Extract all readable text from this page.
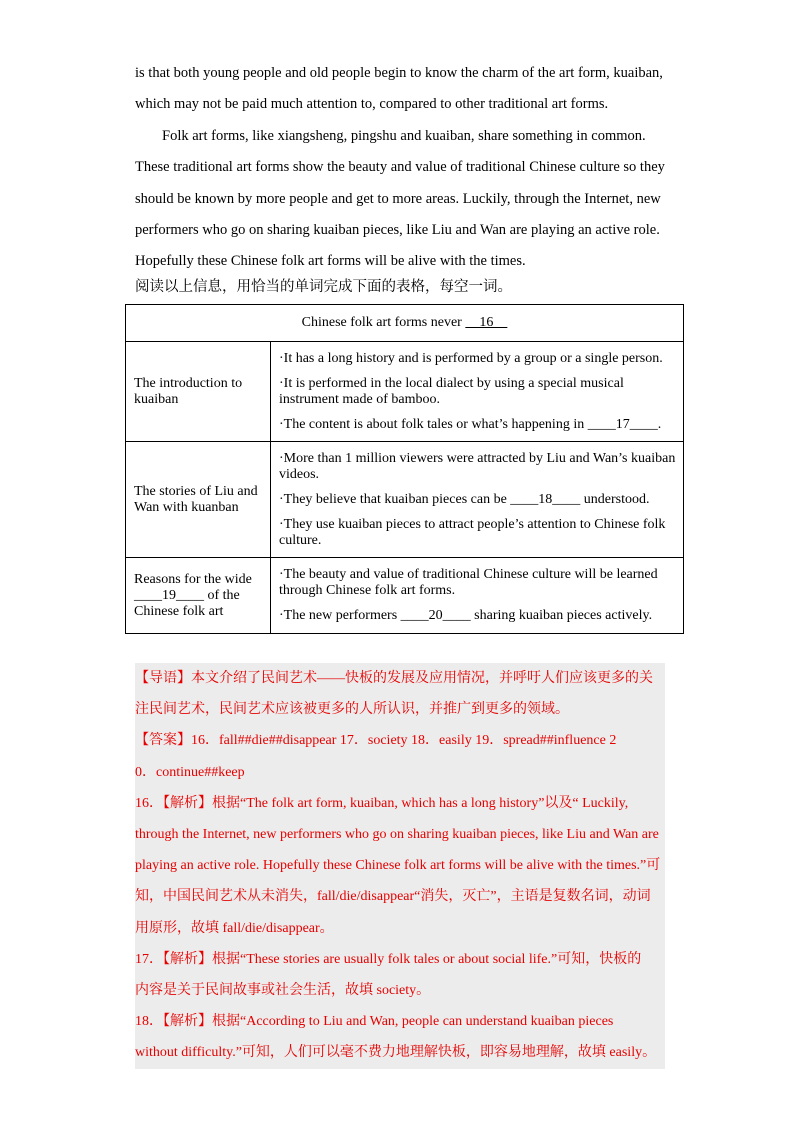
is that both young people and old people begin to know the charm of the art form, kuaiban,

which may not be paid much attention to, compared to other traditional art forms.

Folk art forms, like xiangsheng, pingshu and kuaiban, share something in common.

These traditional art forms show the beauty and value of traditional Chinese culture so they

should be known by more people and get to more areas. Luckily, through the Internet, new

performers who go on sharing kuaiban pieces, like Liu and Wan are playing an active role.

Hopefully these Chinese folk art forms will be alive with the times.

阅读以上信息，用恰当的单词完成下面的表格，每空一词。
Chinese folk art forms never     16	
The introduction to kuaiban	·It has a long history and is performed by a group or a single person.
·It is performed in the local dialect by using a special musical instrument made of bamboo.
·The content is about folk tales or what’s happening in ____17____.

The stories of Liu and Wan with kuanban	·More than 1 million viewers were attracted by Liu and Wan’s kuaiban videos.
·They believe that kuaiban pieces can be ____18____ understood.
·They use kuaiban pieces to attract people’s attention to Chinese folk culture.

Reasons for the wide ____19____ of the Chinese folk art	·The beauty and value of traditional Chinese culture will be learned through Chinese folk art forms.
·The new performers ____20____ sharing kuaiban pieces actively.

【导语】本文介绍了民间艺术——快板的发展及应用情况，并呼吁人们应该更多的关

注民间艺术，民间艺术应该被更多的人所认识，并推广到更多的领域。

【答案】16．fall##die##disappear 17．society 18．easily 19．spread##influence 2

0．continue##keep

16．【解析】根据“The folk art form, kuaiban, which has a long history”以及“ Luckily,

through the Internet, new performers who go on sharing kuaiban pieces, like Liu and Wan are

playing an active role. Hopefully these Chinese folk art forms will be alive with the times.”可

知，中国民间艺术从未消失，fall/die/disappear“消失，灭亡”，主语是复数名词，动词

用原形，故填 fall/die/disappear。

17．【解析】根据“These stories are usually folk tales or about social life.”可知，快板的

内容是关于民间故事或社会生活，故填 society。

18．【解析】根据“According to Liu and Wan, people can understand kuaiban pieces

without difficulty.”可知，人们可以毫不费力地理解快板，即容易地理解，故填 easily。
